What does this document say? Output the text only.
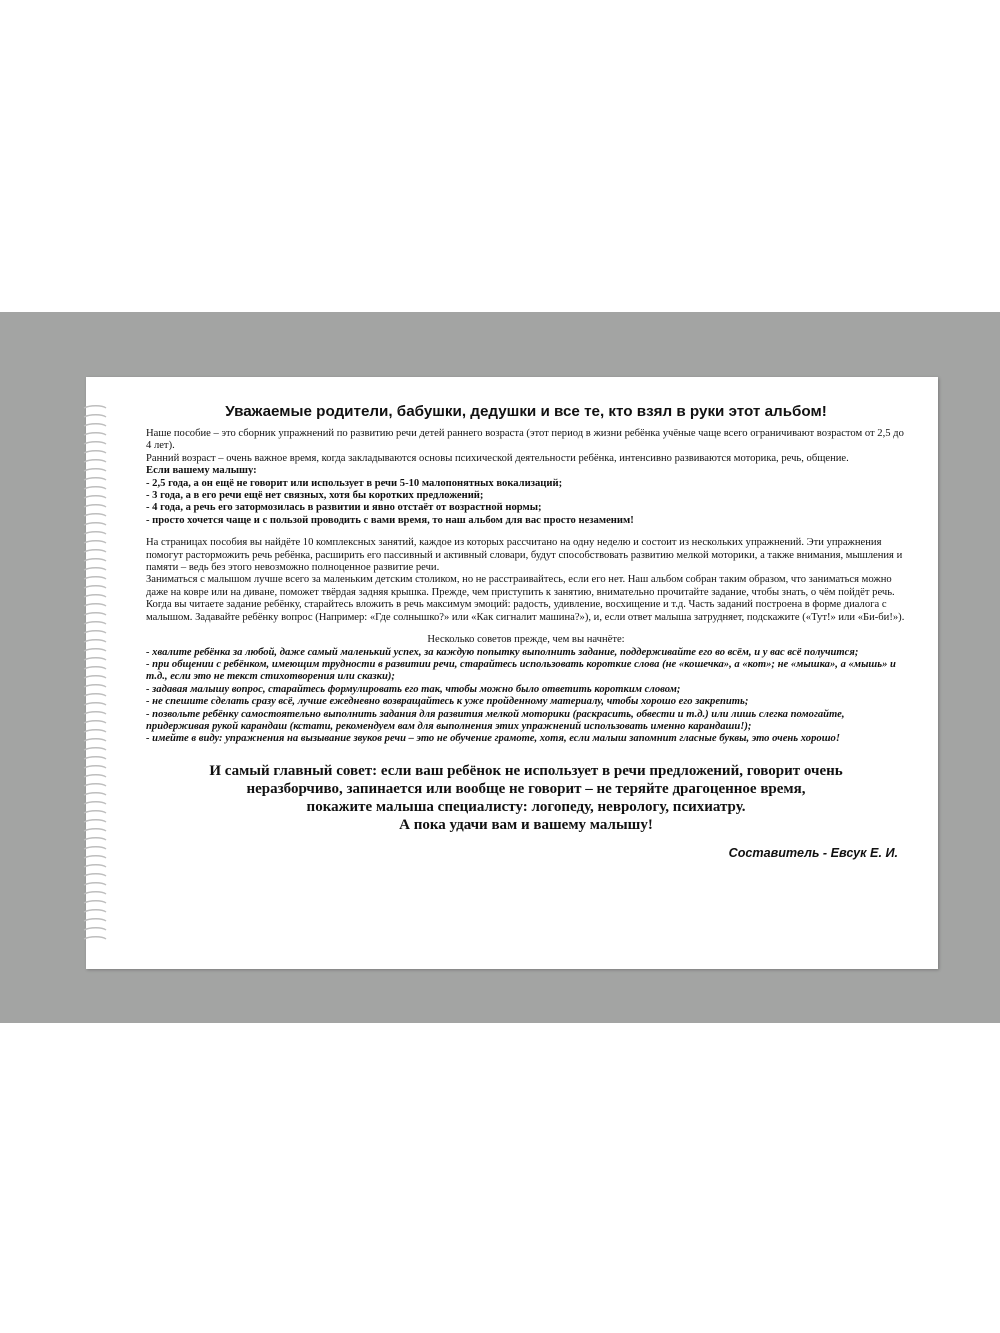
Уважаемые родители, бабушки, дедушки и все те, кто взял в руки этот альбом!

Наше пособие – это сборник упражнений по развитию речи детей раннего возраста (этот период в жизни ребёнка учёные чаще всего ограничивают возрастом от 2,5 до 4 лет).

Ранний возраст – очень важное время, когда закладываются основы психической деятельности ребёнка, интенсивно развиваются моторика, речь, общение.

Если вашему малышу:

- 2,5 года, а он ещё не говорит или использует в речи 5-10 малопонятных вокализаций;
- 3 года, а в его речи ещё нет связных, хотя бы коротких предложений;
- 4 года, а речь его затормозилась в развитии и явно отстаёт от возрастной нормы;
- просто хочется чаще и с пользой проводить с вами время, то наш альбом для вас просто незаменим!

На страницах пособия вы найдёте 10 комплексных занятий, каждое из которых рассчитано на одну неделю и состоит из нескольких упражнений. Эти упражнения помогут расторможить речь ребёнка, расширить его пассивный и активный словари, будут способствовать развитию мелкой моторики, а также внимания, мышления и памяти – ведь без этого невозможно полноценное развитие речи.

Заниматься с малышом лучше всего за маленьким детским столиком, но не расстраивайтесь, если его нет. Наш альбом собран таким образом, что заниматься можно даже на ковре или на диване, поможет твёрдая задняя крышка. Прежде, чем приступить к занятию, внимательно прочитайте задание, чтобы знать, о чём пойдёт речь. Когда вы читаете задание ребёнку, старайтесь вложить в речь максимум эмоций: радость, удивление, восхищение и т.д. Часть заданий построена в форме диалога с малышом. Задавайте ребёнку вопрос (Например: «Где солнышко?» или «Как сигналит машина?»), и, если ответ малыша затрудняет, подскажите («Тут!» или «Би-би!»).

Несколько советов прежде, чем вы начнёте:

- хвалите ребёнка за любой, даже самый маленький успех, за каждую попытку выполнить задание, поддерживайте его во всём, и у вас всё получится;
- при общении с ребёнком, имеющим трудности в развитии речи, старайтесь использовать короткие слова (не «кошечка», а «кот»; не «мышка», а «мышь» и т.д., если это не текст стихотворения или сказки);
- задавая малышу вопрос, старайтесь формулировать его так, чтобы можно было ответить коротким словом;
- не спешите сделать сразу всё, лучше ежедневно возвращайтесь к уже пройденному материалу, чтобы хорошо его закрепить;
- позвольте ребёнку самостоятельно выполнить задания для развития мелкой моторики (раскрасить, обвести и т.д.) или лишь слегка помогайте, придерживая рукой карандаш (кстати, рекомендуем вам для выполнения этих упражнений использовать именно карандаши!);
- имейте в виду: упражнения на вызывание звуков речи – это не обучение грамоте, хотя, если малыш запомнит гласные буквы, это очень хорошо!
И самый главный совет: если ваш ребёнок не использует в речи предложений, говорит очень
неразборчиво, запинается или вообще не говорит – не теряйте драгоценное время,
покажите малыша специалисту: логопеду, неврологу, психиатру.
А пока удачи вам и вашему малышу!
Составитель - Евсук Е. И.
